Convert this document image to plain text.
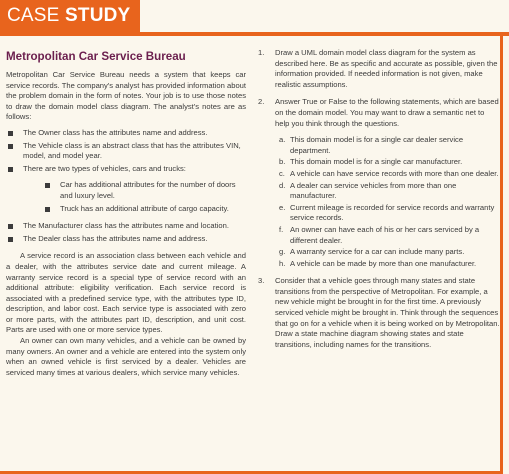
CASE STUDY
Metropolitan Car Service Bureau

Metropolitan Car Service Bureau needs a system that keeps car service records. The company's analyst has provided information about the problem domain in the form of notes. Your job is to use those notes to draw the domain model class diagram. The analyst's notes are as follows:

The Owner class has the attributes name and address.
The Vehicle class is an abstract class that has the attributes VIN, model, and model year.
There are two types of vehicles, cars and trucks:
Car has additional attributes for the number of doors and luxury level.
Truck has an additional attribute of cargo capacity.
The Manufacturer class has the attributes name and location.
The Dealer class has the attributes name and address.

A service record is an association class between each vehicle and a dealer, with the attributes service date and current mileage. A warranty service record is a special type of service record with an additional attribute: eligibility verification. Each service record is associated with a predefined service type, with the attributes type ID, description, and labor cost. Each service type is associated with zero or more parts, with the attributes part ID, description, and unit cost. Parts are used with one or more service types.

An owner can own many vehicles, and a vehicle can be owned by many owners. An owner and a vehicle are entered into the system only when an owned vehicle is first serviced by a dealer. Vehicles are serviced many times at various dealers, which service many vehicles.

1. Draw a UML domain model class diagram for the system as described here. Be as specific and accurate as possible, given the information provided. If needed information is not given, make realistic assumptions.
2. Answer True or False to the following statements, which are based on the domain model. You may want to draw a semantic net to help you think through the questions.
a. This domain model is for a single car dealer service department.
b. This domain model is for a single car manufacturer.
c. A vehicle can have service records with more than one dealer.
d. A dealer can service vehicles from more than one manufacturer.
e. Current mileage is recorded for service records and warranty service records.
f. An owner can have each of his or her cars serviced by a different dealer.
g. A warranty service for a car can include many parts.
h. A vehicle can be made by more than one manufacturer.
3. Consider that a vehicle goes through many states and state transitions from the perspective of Metropolitan. For example, a new vehicle might be brought in for the first time. A previously serviced vehicle might be brought in. Think through the sequences that go on for a vehicle when it is being worked on by Metropolitan. Draw a state machine diagram showing states and state transitions, including names for the transitions.
